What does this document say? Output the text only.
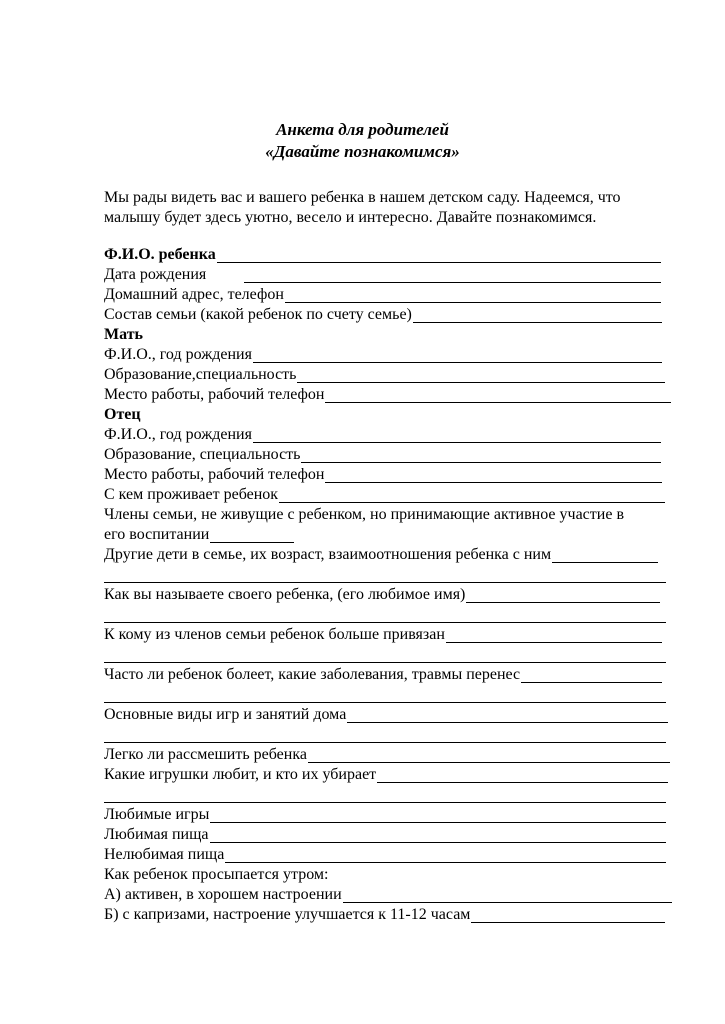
Анкета для родителей
«Давайте познакомимся»
Мы рады видеть вас и вашего ребенка в нашем детском саду. Надеемся, что
малышу будет здесь уютно, весело и интересно. Давайте познакомимся.
Ф.И.О. ребенка
Дата рождения
Домашний адрес, телефон
Состав семьи (какой ребенок по счету семье)
Мать
Ф.И.О., год рождения
Образование,специальность
Место работы, рабочий телефон
Отец
Ф.И.О., год рождения
Образование, специальность
Место работы, рабочий телефон
С кем проживает ребенок
Члены семьи, не живущие с ребенком, но принимающие активное участие в
его воспитании
Другие дети в семье, их возраст, взаимоотношения ребенка с ним
Как вы называете своего ребенка, (его любимое имя)
К кому из членов семьи ребенок больше привязан
Часто ли ребенок болеет, какие заболевания, травмы перенес
Основные виды игр и занятий дома
Легко ли рассмешить ребенка
Какие игрушки любит, и кто их убирает
Любимые игры
Любимая пища
Нелюбимая пища
Как ребенок просыпается утром:
А) активен, в хорошем настроении
Б) с капризами, настроение улучшается к 11-12 часам
